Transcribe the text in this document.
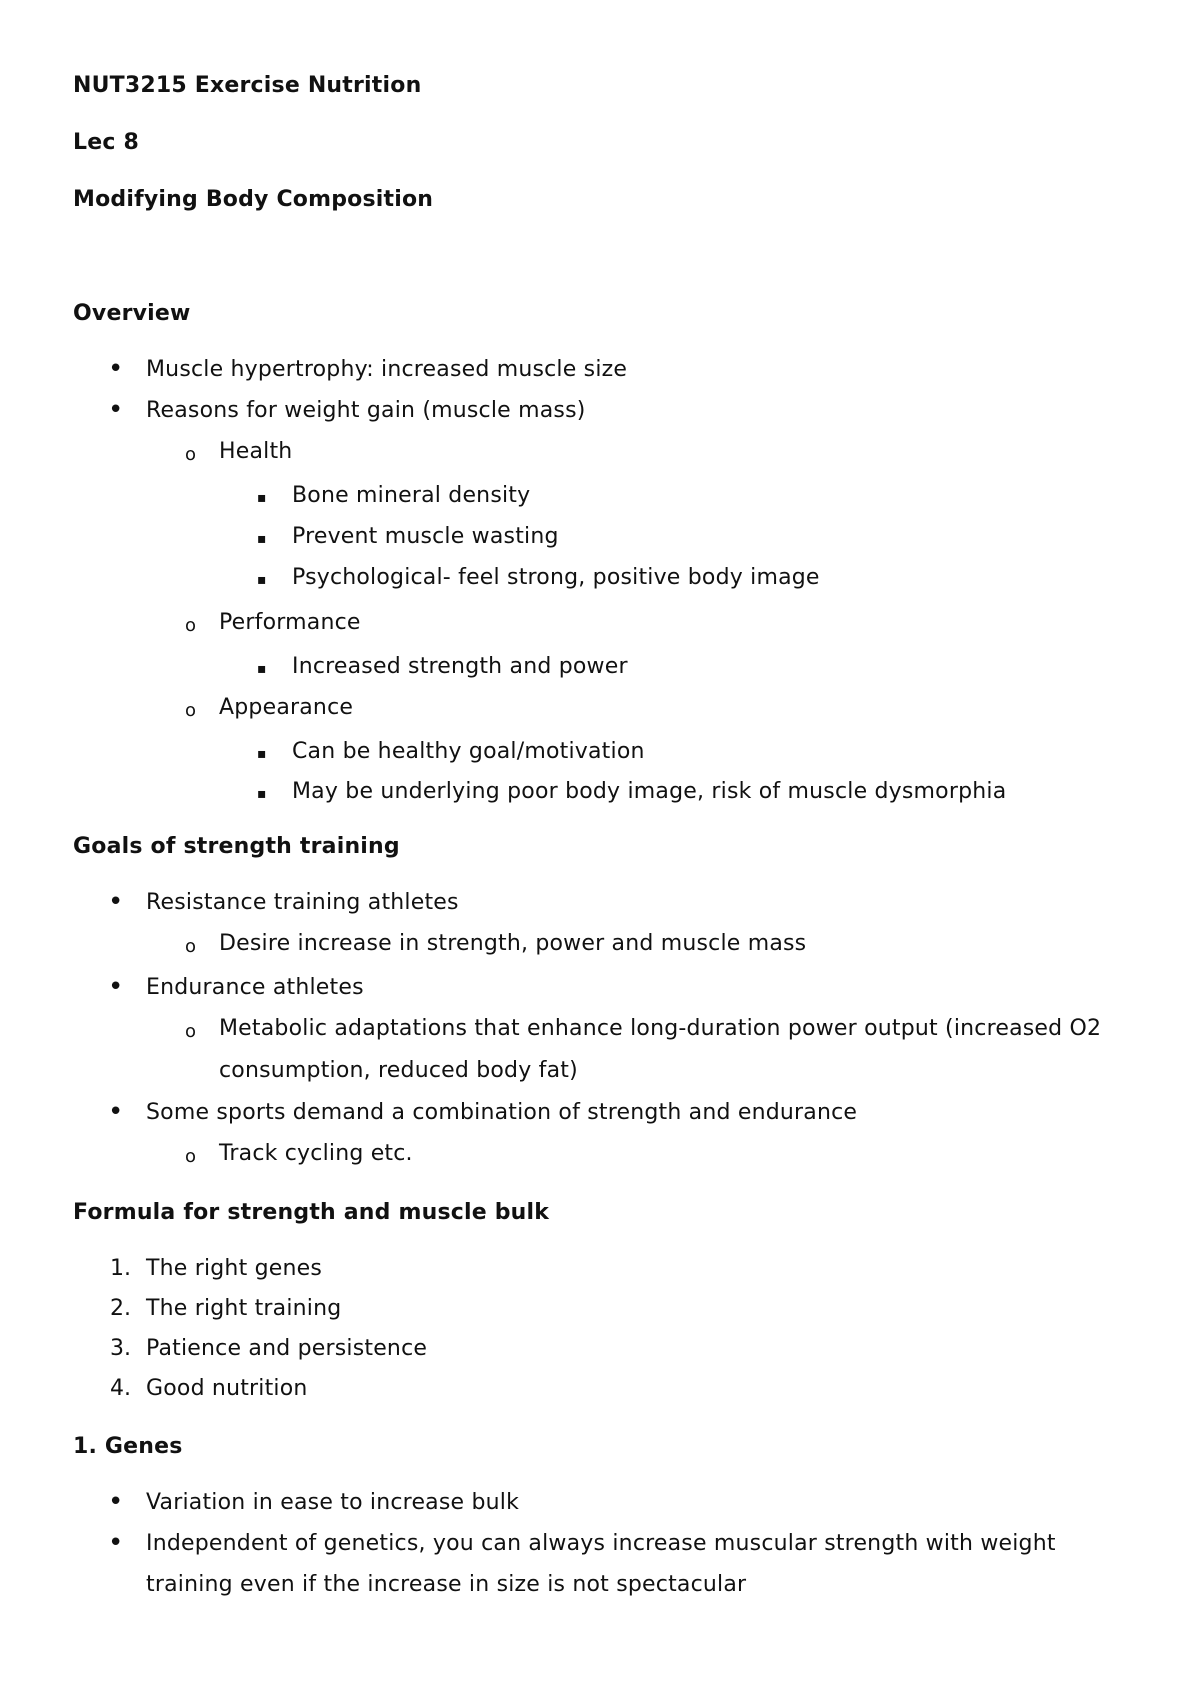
NUT3215 Exercise Nutrition
Lec 8
Modifying Body Composition
Overview
• Muscle hypertrophy: increased muscle size
• Reasons for weight gain (muscle mass)
o Health
▪ Bone mineral density
▪ Prevent muscle wasting
▪ Psychological- feel strong, positive body image
o Performance
▪ Increased strength and power
o Appearance
▪ Can be healthy goal/motivation
▪ May be underlying poor body image, risk of muscle dysmorphia
Goals of strength training
• Resistance training athletes
o Desire increase in strength, power and muscle mass
• Endurance athletes
o Metabolic adaptations that enhance long-duration power output (increased O2
consumption, reduced body fat)
• Some sports demand a combination of strength and endurance
o Track cycling etc.
Formula for strength and muscle bulk
1. The right genes
2. The right training
3. Patience and persistence
4. Good nutrition
1. Genes
• Variation in ease to increase bulk
• Independent of genetics, you can always increase muscular strength with weight
training even if the increase in size is not spectacular
